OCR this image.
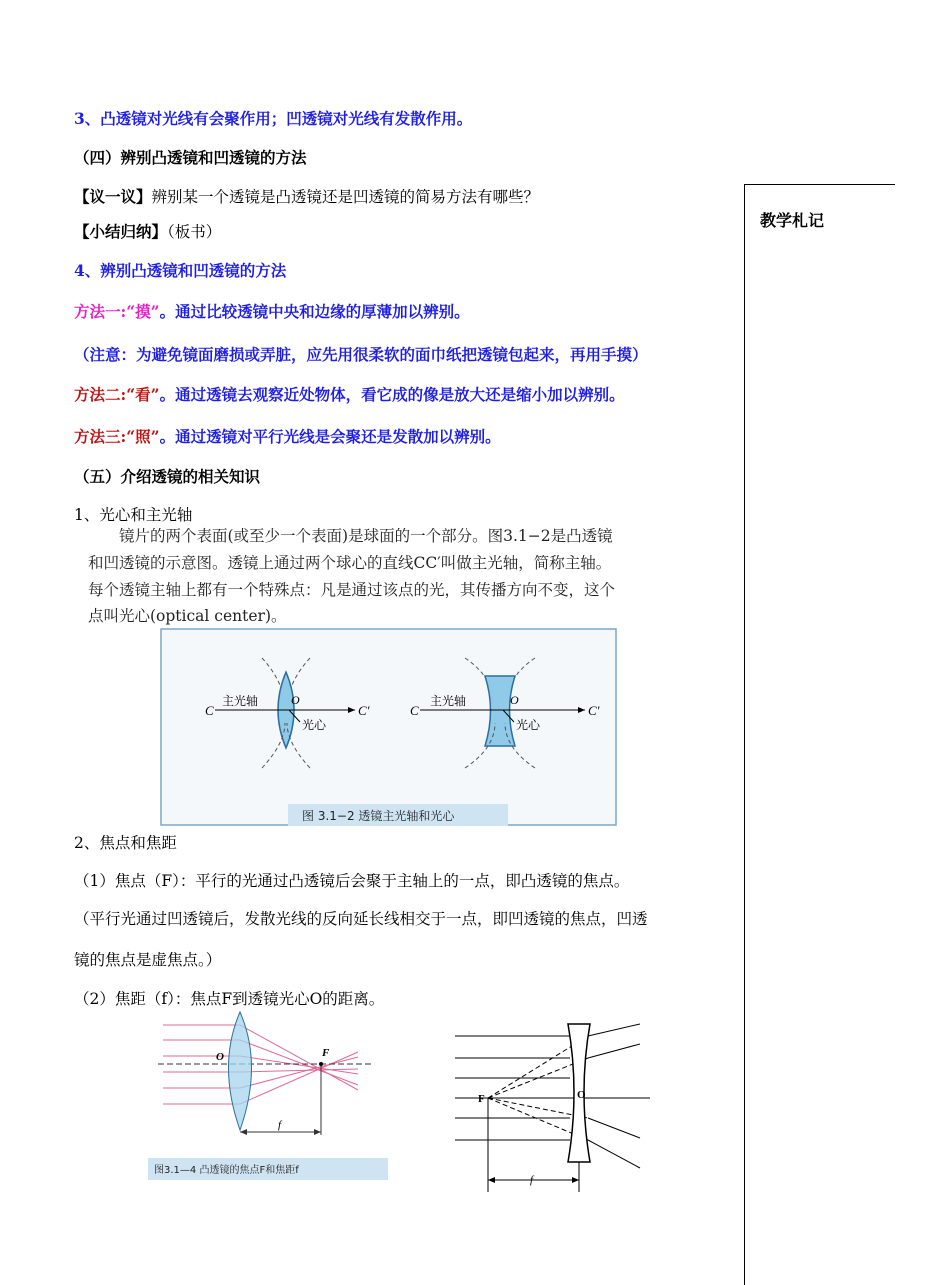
3、凸透镜对光线有会聚作用；凹透镜对光线有发散作用。
（四）辨别凸透镜和凹透镜的方法
【议一议】辨别某一个透镜是凸透镜还是凹透镜的简易方法有哪些？
【小结归纳】（板书）
4、辨别凸透镜和凹透镜的方法
方法一:“摸”。通过比较透镜中央和边缘的厚薄加以辨别。
（注意：为避免镜面磨损或弄脏，应先用很柔软的面巾纸把透镜包起来，再用手摸）
方法二:“看”。通过透镜去观察近处物体，看它成的像是放大还是缩小加以辨别。
方法三:“照”。通过透镜对平行光线是会聚还是发散加以辨别。
（五）介绍透镜的相关知识
1、光心和主光轴
镜片的两个表面(或至少一个表面)是球面的一个部分。图3.1−2是凸透镜
和凹透镜的示意图。透镜上通过两个球心的直线CC′叫做主光轴，简称主轴。
每个透镜主轴上都有一个特殊点：凡是通过该点的光，其传播方向不变，这个
点叫光心(optical center)。
C	C′
主光轴	O
光心
C	C′
主光轴	O
光心
图 3.1−2 透镜主光轴和光心
2、焦点和焦距
（1）焦点（F）：平行的光通过凸透镜后会聚于主轴上的一点，即凸透镜的焦点。
（平行光通过凹透镜后，发散光线的反向延长线相交于一点，即凹透镜的焦点，凹透
镜的焦点是虚焦点。）
（2）焦距（f）：焦点F到透镜光心O的距离。
O	F
f
图3.1—4 凸透镜的焦点F和焦距f
F	O
f
教学札记
